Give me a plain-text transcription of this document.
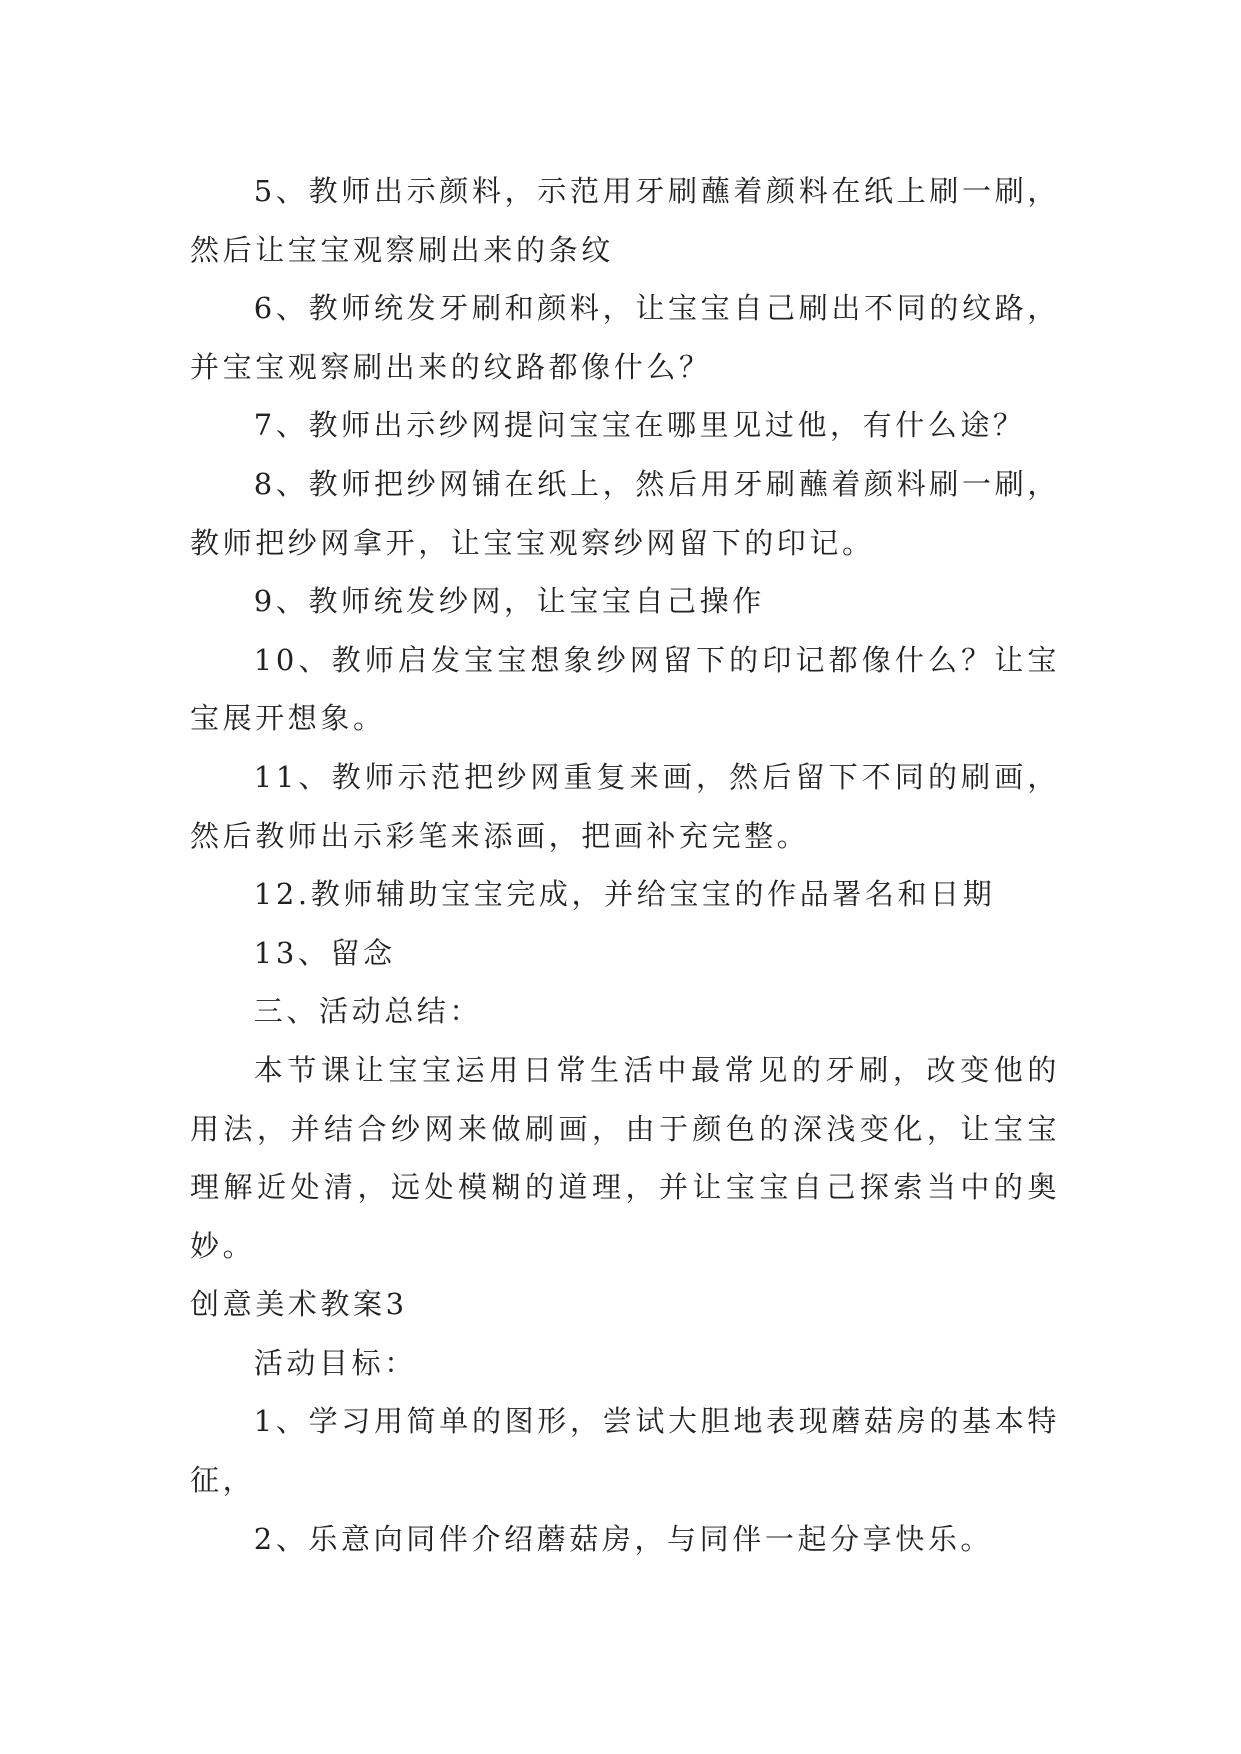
5、教师出示颜料，示范用牙刷蘸着颜料在纸上刷一刷，然后让宝宝观察刷出来的条纹

6、教师统发牙刷和颜料，让宝宝自己刷出不同的纹路，并宝宝观察刷出来的纹路都像什么？

7、教师出示纱网提问宝宝在哪里见过他，有什么途？

8、教师把纱网铺在纸上，然后用牙刷蘸着颜料刷一刷，教师把纱网拿开，让宝宝观察纱网留下的印记。

9、教师统发纱网，让宝宝自己操作

10、教师启发宝宝想象纱网留下的印记都像什么？让宝宝展开想象。

11、教师示范把纱网重复来画，然后留下不同的刷画，然后教师出示彩笔来添画，把画补充完整。

12.教师辅助宝宝完成，并给宝宝的作品署名和日期

13、留念

三、活动总结：

本节课让宝宝运用日常生活中最常见的牙刷，改变他的用法，并结合纱网来做刷画，由于颜色的深浅变化，让宝宝理解近处清，远处模糊的道理，并让宝宝自己探索当中的奥妙。

创意美术教案3

活动目标：

1、学习用简单的图形，尝试大胆地表现蘑菇房的基本特征，

2、乐意向同伴介绍蘑菇房，与同伴一起分享快乐。
